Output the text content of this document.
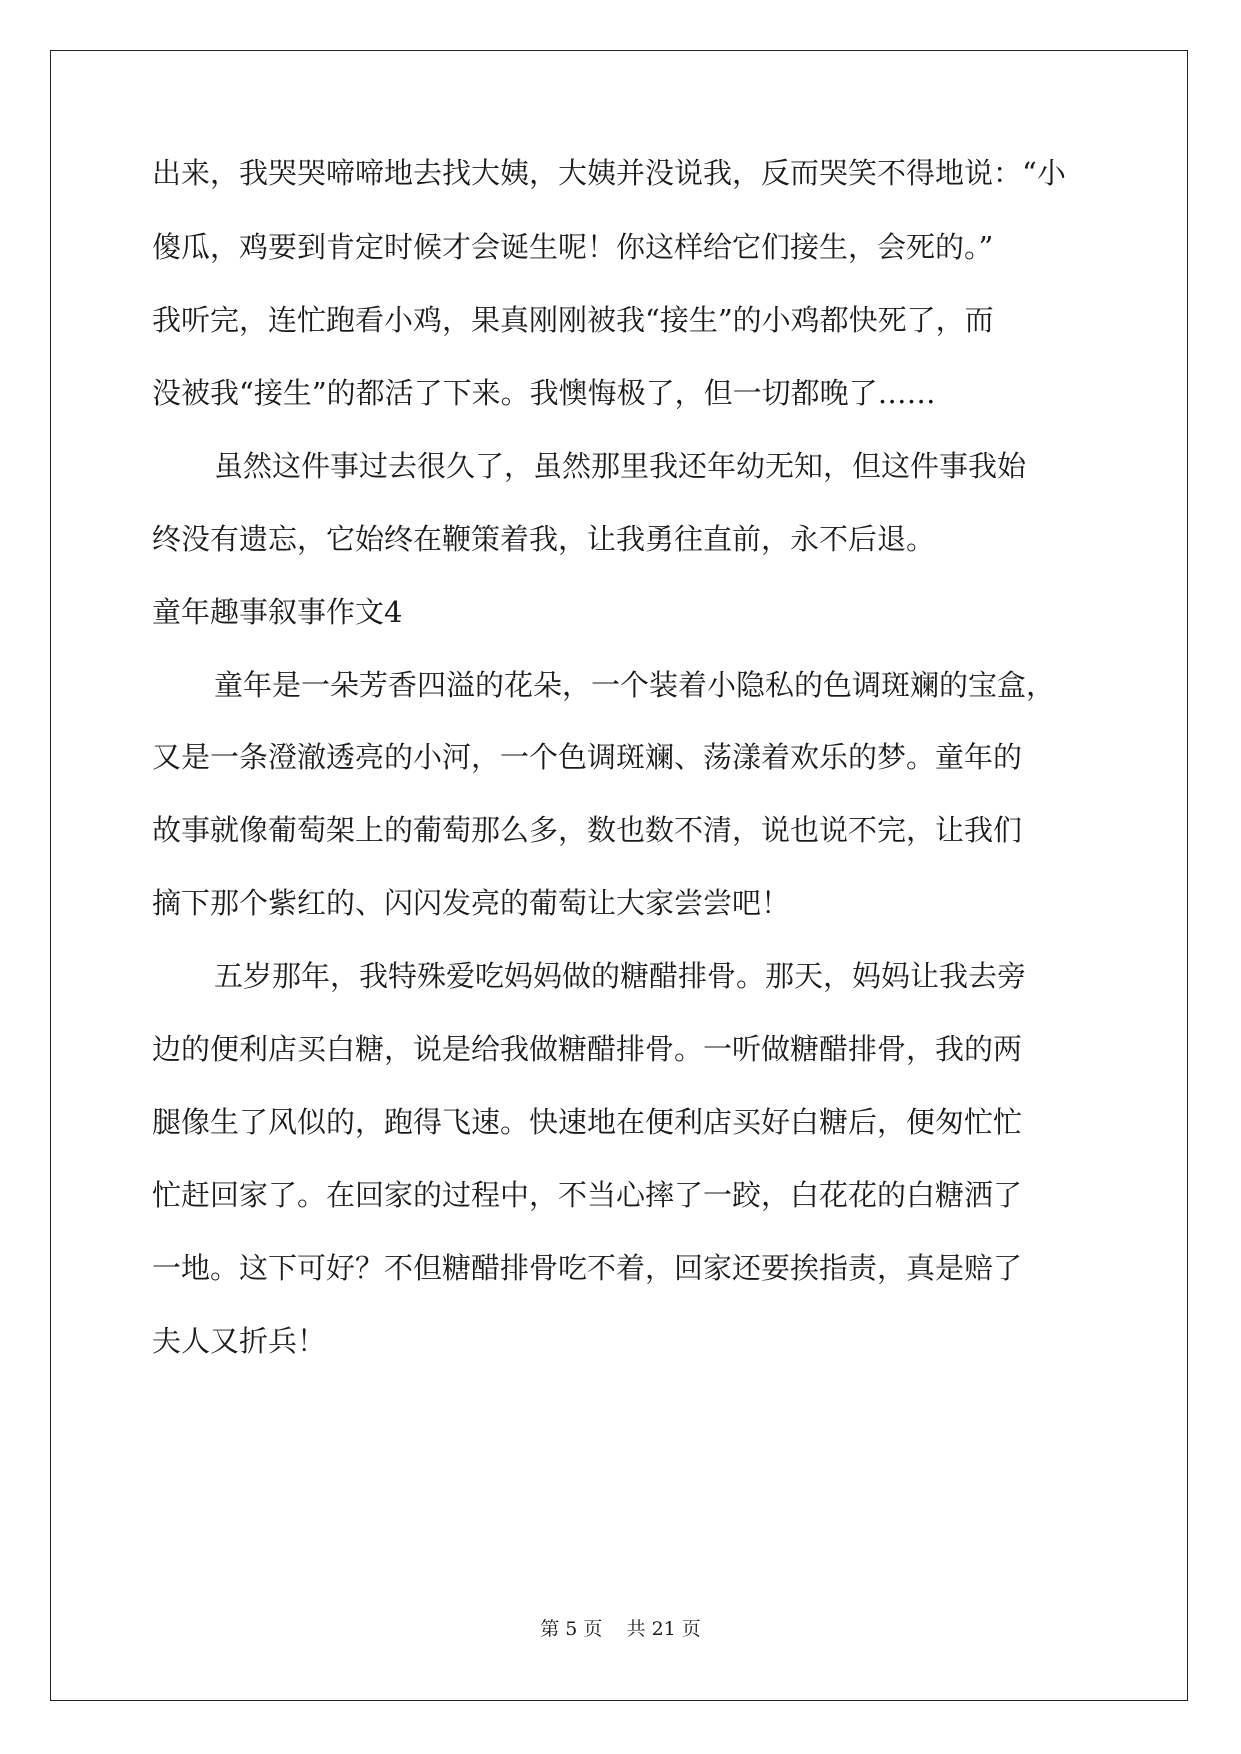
出来，我哭哭啼啼地去找大姨，大姨并没说我，反而哭笑不得地说：“小
傻瓜，鸡要到肯定时候才会诞生呢！你这样给它们接生，会死的。”
我听完，连忙跑看小鸡，果真刚刚被我“接生”的小鸡都快死了，而
没被我“接生”的都活了下来。我懊悔极了，但一切都晚了……
虽然这件事过去很久了，虽然那里我还年幼无知，但这件事我始
终没有遗忘，它始终在鞭策着我，让我勇往直前，永不后退。
童年趣事叙事作文4
童年是一朵芳香四溢的花朵，一个装着小隐私的色调斑斓的宝盒，
又是一条澄澈透亮的小河，一个色调斑斓、荡漾着欢乐的梦。童年的
故事就像葡萄架上的葡萄那么多，数也数不清，说也说不完，让我们
摘下那个紫红的、闪闪发亮的葡萄让大家尝尝吧！
五岁那年，我特殊爱吃妈妈做的糖醋排骨。那天，妈妈让我去旁
边的便利店买白糖，说是给我做糖醋排骨。一听做糖醋排骨，我的两
腿像生了风似的，跑得飞速。快速地在便利店买好白糖后，便匆忙忙
忙赶回家了。在回家的过程中，不当心摔了一跤，白花花的白糖洒了
一地。这下可好？不但糖醋排骨吃不着，回家还要挨指责，真是赔了
夫人又折兵！
第 5 页    共 21 页
